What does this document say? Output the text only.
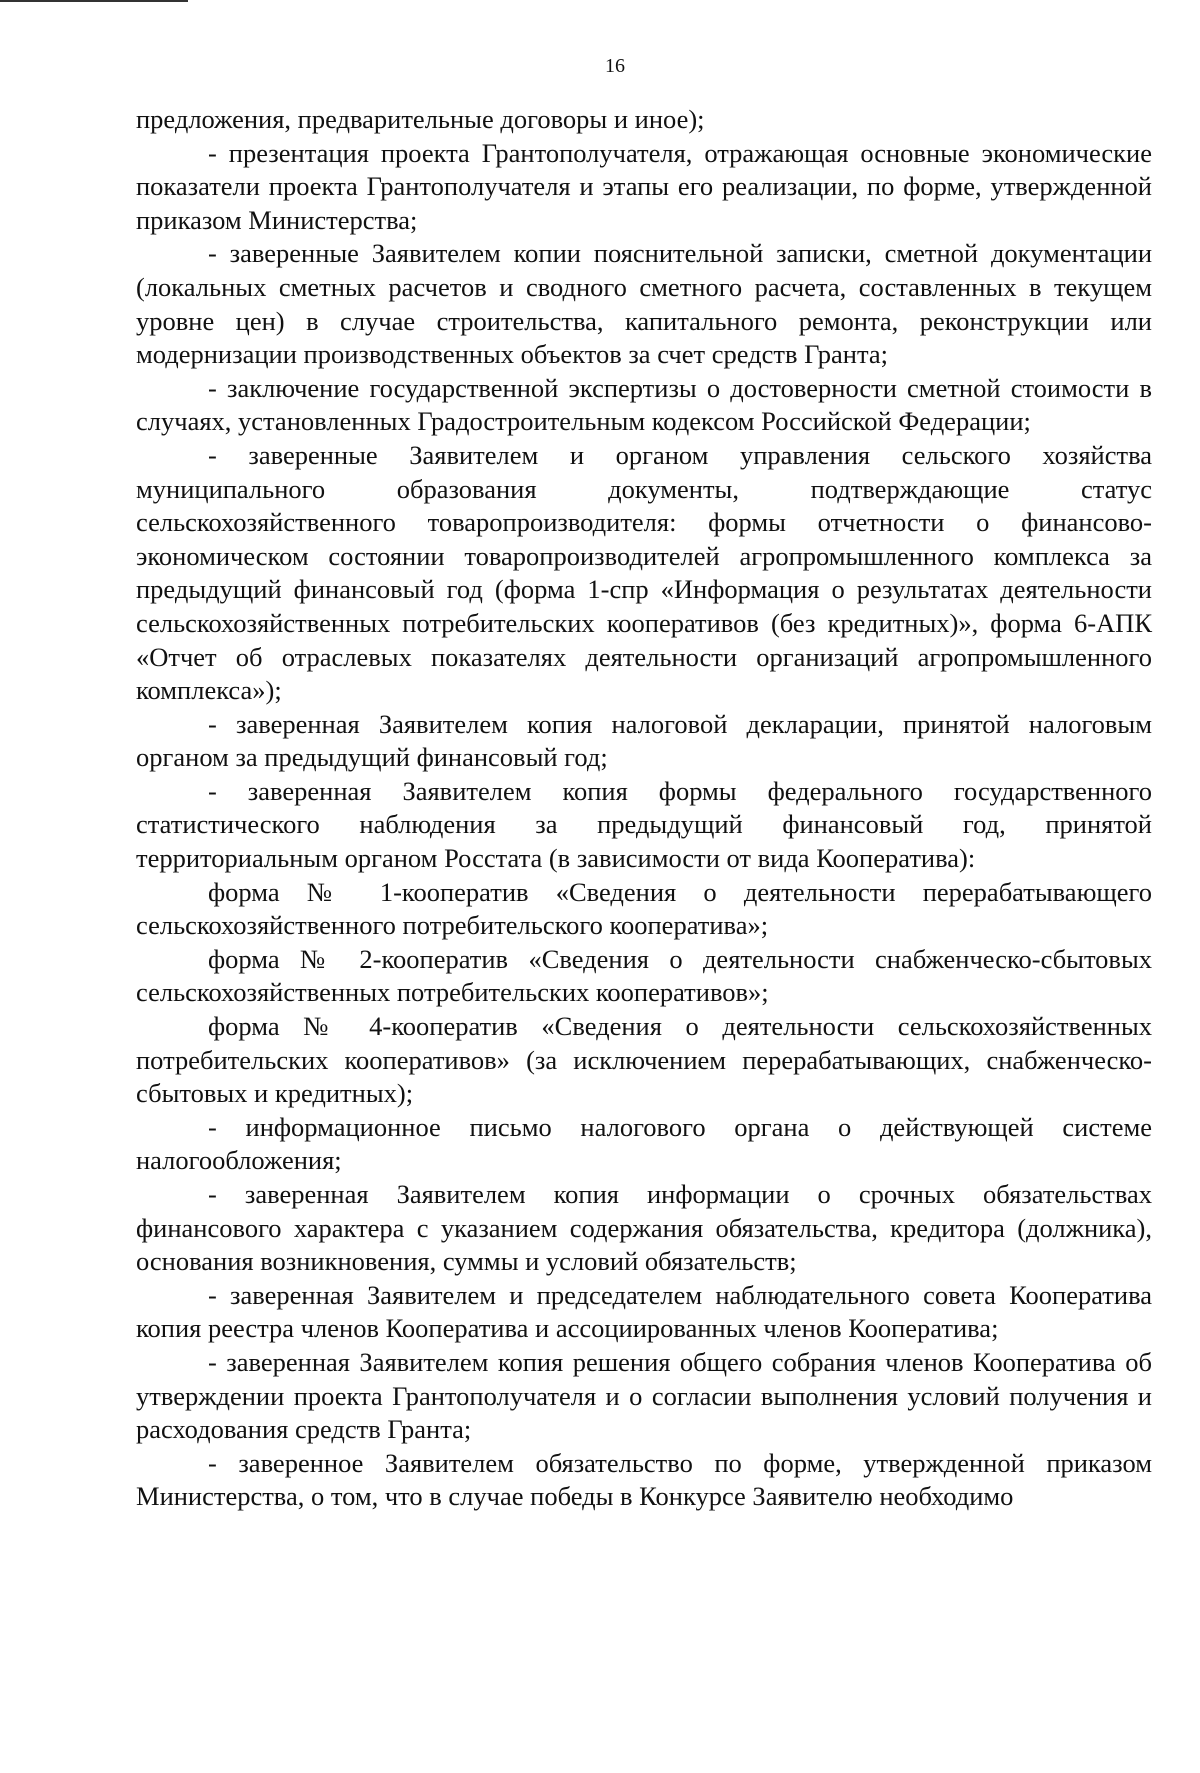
16

предложения, предварительные договоры и иное);

- презентация проекта Грантополучателя, отражающая основные экономические показатели проекта Грантополучателя и этапы его реализации, по форме, утвержденной приказом Министерства;

- заверенные Заявителем копии пояснительной записки, сметной документации (локальных сметных расчетов и сводного сметного расчета, составленных в текущем уровне цен) в случае строительства, капитального ремонта, реконструкции или модернизации производственных объектов за счет средств Гранта;

- заключение государственной экспертизы о достоверности сметной стоимости в случаях, установленных Градостроительным кодексом Российской Федерации;

- заверенные Заявителем и органом управления сельского хозяйства муниципального образования документы, подтверждающие статус сельскохозяйственного товаропроизводителя: формы отчетности о финансово-экономическом состоянии товаропроизводителей агропромышленного комплекса за предыдущий финансовый год (форма 1-спр «Информация о результатах деятельности сельскохозяйственных потребительских кооперативов (без кредитных)», форма 6-АПК «Отчет об отраслевых показателях деятельности организаций агропромышленного комплекса»);

- заверенная Заявителем копия налоговой декларации, принятой налоговым органом за предыдущий финансовый год;

- заверенная Заявителем копия формы федерального государственного статистического наблюдения за предыдущий финансовый год, принятой территориальным органом Росстата (в зависимости от вида Кооператива):

форма № 1-кооператив «Сведения о деятельности перерабатывающего сельскохозяйственного потребительского кооператива»;

форма № 2-кооператив «Сведения о деятельности снабженческо-сбытовых сельскохозяйственных потребительских кооперативов»;

форма № 4-кооператив «Сведения о деятельности сельскохозяйственных потребительских кооперативов» (за исключением перерабатывающих, снабженческо-сбытовых и кредитных);

- информационное письмо налогового органа о действующей системе налогообложения;

- заверенная Заявителем копия информации о срочных обязательствах финансового характера с указанием содержания обязательства, кредитора (должника), основания возникновения, суммы и условий обязательств;

- заверенная Заявителем и председателем наблюдательного совета Кооператива копия реестра членов Кооператива и ассоциированных членов Кооператива;

- заверенная Заявителем копия решения общего собрания членов Кооператива об утверждении проекта Грантополучателя и о согласии выполнения условий получения и расходования средств Гранта;

- заверенное Заявителем обязательство по форме, утвержденной приказом Министерства, о том, что в случае победы в Конкурсе Заявителю необходимо
